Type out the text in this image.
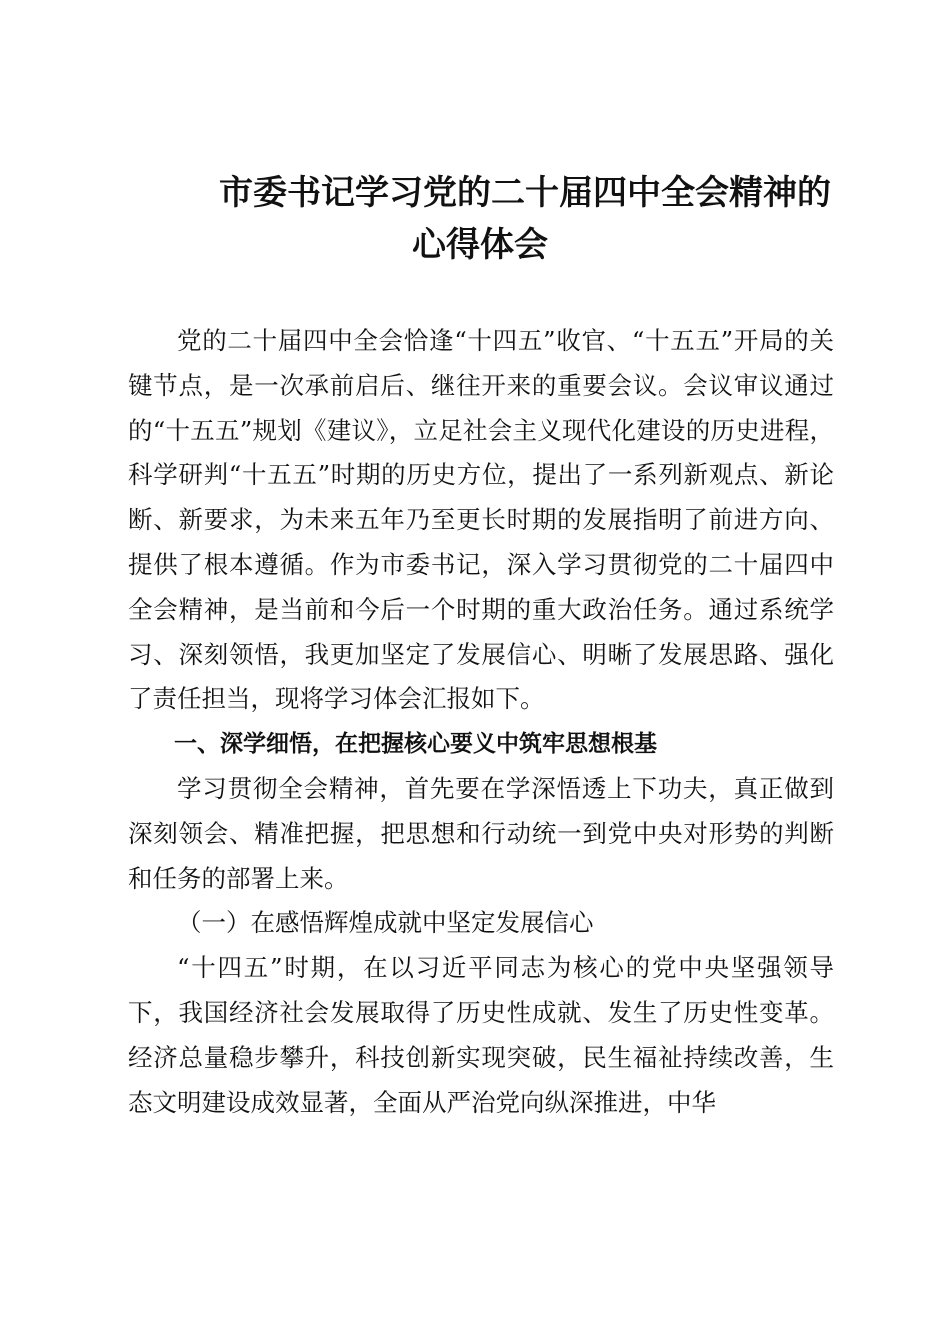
市委书记学习党的二十届四中全会精神的
心得体会

党的二十届四中全会恰逢“十四五”收官、“十五五”开局的关键节点，是一次承前启后、继往开来的重要会议。会议审议通过的“十五五”规划《建议》，立足社会主义现代化建设的历史进程，科学研判“十五五”时期的历史方位，提出了一系列新观点、新论断、新要求，为未来五年乃至更长时期的发展指明了前进方向、提供了根本遵循。作为市委书记，深入学习贯彻党的二十届四中全会精神，是当前和今后一个时期的重大政治任务。通过系统学习、深刻领悟，我更加坚定了发展信心、明晰了发展思路、强化了责任担当，现将学习体会汇报如下。

一、深学细悟，在把握核心要义中筑牢思想根基

学习贯彻全会精神，首先要在学深悟透上下功夫，真正做到深刻领会、精准把握，把思想和行动统一到党中央对形势的判断和任务的部署上来。

（一）在感悟辉煌成就中坚定发展信心

“十四五”时期，在以习近平同志为核心的党中央坚强领导下，我国经济社会发展取得了历史性成就、发生了历史性变革。经济总量稳步攀升，科技创新实现突破，民生福祉持续改善，生态文明建设成效显著，全面从严治党向纵深推进，中华
